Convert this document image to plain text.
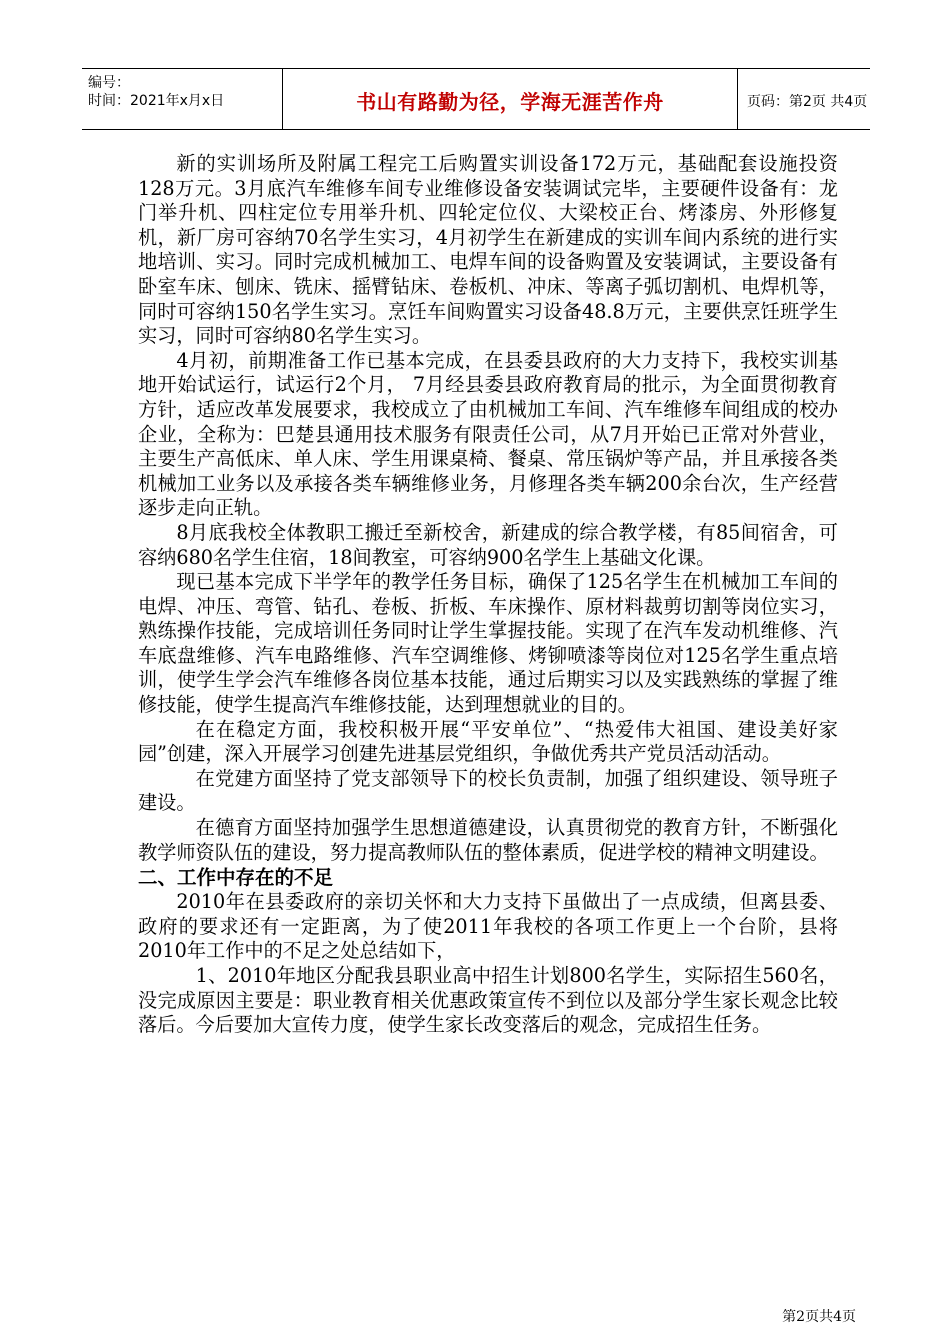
编号：
时间：2021年x月x日	书山有路勤为径，学海无涯苦作舟	页码：第2页 共4页

新的实训场所及附属工程完工后购置实训设备172万元，基础配套设施投资128万元。3月底汽车维修车间专业维修设备安装调试完毕，主要硬件设备有：龙门举升机、四柱定位专用举升机、四轮定位仪、大梁校正台、烤漆房、外形修复机，新厂房可容纳70名学生实习，4月初学生在新建成的实训车间内系统的进行实地培训、实习。同时完成机械加工、电焊车间的设备购置及安装调试，主要设备有卧室车床、刨床、铣床、摇臂钻床、卷板机、冲床、等离子弧切割机、电焊机等，同时可容纳150名学生实习。烹饪车间购置实习设备48.8万元，主要供烹饪班学生实习，同时可容纳80名学生实习。

4月初，前期准备工作已基本完成，在县委县政府的大力支持下，我校实训基地开始试运行，试运行2个月， 7月经县委县政府教育局的批示，为全面贯彻教育方针，适应改革发展要求，我校成立了由机械加工车间、汽车维修车间组成的校办企业，全称为：巴楚县通用技术服务有限责任公司，从7月开始已正常对外营业，主要生产高低床、单人床、学生用课桌椅、餐桌、常压锅炉等产品，并且承接各类机械加工业务以及承接各类车辆维修业务，月修理各类车辆200余台次，生产经营逐步走向正轨。

8月底我校全体教职工搬迁至新校舍，新建成的综合教学楼，有85间宿舍，可容纳680名学生住宿，18间教室，可容纳900名学生上基础文化课。

现已基本完成下半学年的教学任务目标，确保了125名学生在机械加工车间的电焊、冲压、弯管、钻孔、卷板、折板、车床操作、原材料裁剪切割等岗位实习，熟练操作技能，完成培训任务同时让学生掌握技能。实现了在汽车发动机维修、汽车底盘维修、汽车电路维修、汽车空调维修、烤铆喷漆等岗位对125名学生重点培训，使学生学会汽车维修各岗位基本技能，通过后期实习以及实践熟练的掌握了维修技能，使学生提高汽车维修技能，达到理想就业的目的。

在在稳定方面，我校积极开展“平安单位”、“热爱伟大祖国、建设美好家园”创建，深入开展学习创建先进基层党组织，争做优秀共产党员活动活动。

在党建方面坚持了党支部领导下的校长负责制，加强了组织建设、领导班子建设。

在德育方面坚持加强学生思想道德建设，认真贯彻党的教育方针，不断强化教学师资队伍的建设，努力提高教师队伍的整体素质，促进学校的精神文明建设。

二、工作中存在的不足

2010年在县委政府的亲切关怀和大力支持下虽做出了一点成绩，但离县委、政府的要求还有一定距离，为了使2011年我校的各项工作更上一个台阶，县将2010年工作中的不足之处总结如下，

1、2010年地区分配我县职业高中招生计划800名学生，实际招生560名，没完成原因主要是：职业教育相关优惠政策宣传不到位以及部分学生家长观念比较落后。今后要加大宣传力度，使学生家长改变落后的观念，完成招生任务。

第2页共4页
